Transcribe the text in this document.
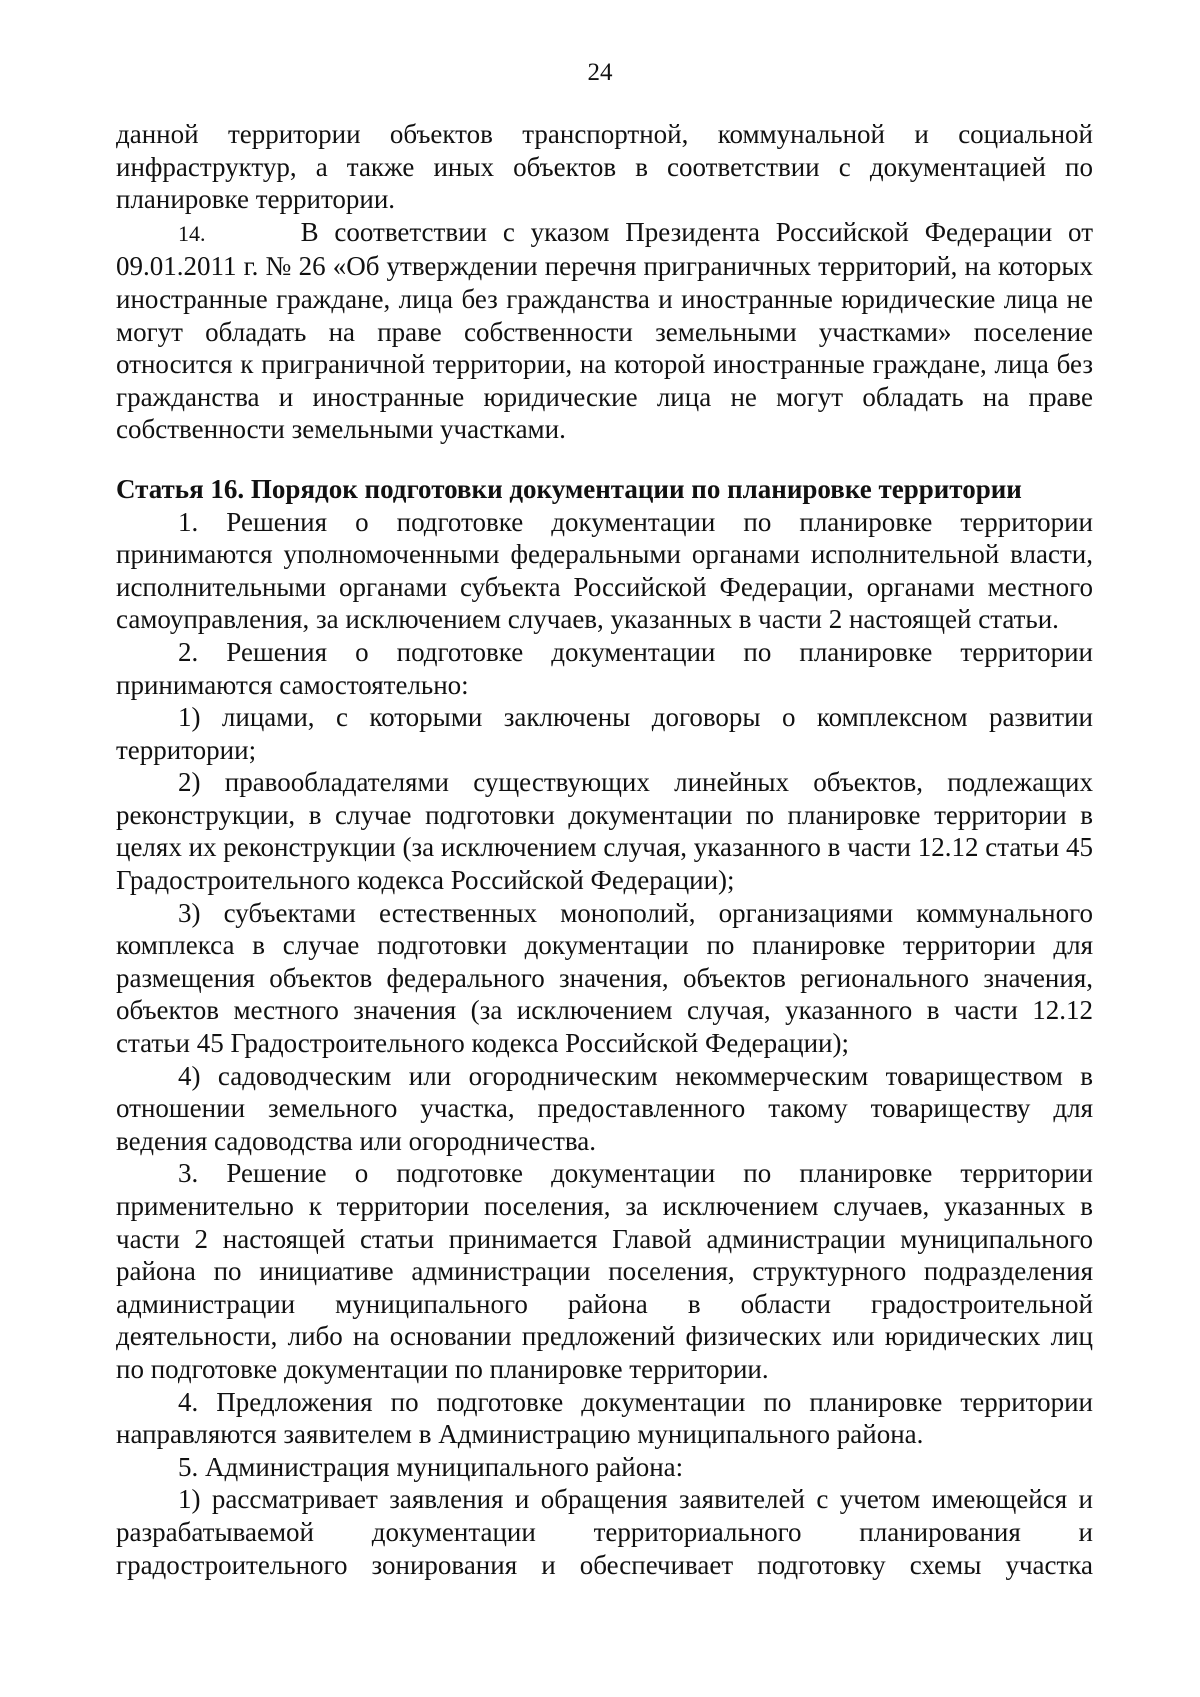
24

данной территории объектов транспортной, коммунальной и социальной инфраструктур, а также иных объектов в соответствии с документацией по планировке территории.

14.	В соответствии с указом Президента Российской Федерации от 09.01.2011 г. № 26 «Об утверждении перечня приграничных территорий, на которых иностранные граждане, лица без гражданства и иностранные юридические лица не могут обладать на праве собственности земельными участками» поселение относится к приграничной территории, на которой иностранные граждане, лица без гражданства и иностранные юридические лица не могут обладать на праве собственности земельными участками.

Статья 16. Порядок подготовки документации по планировке территории

1. Решения о подготовке документации по планировке территории принимаются уполномоченными федеральными органами исполнительной власти, исполнительными органами субъекта Российской Федерации, органами местного самоуправления, за исключением случаев, указанных в части 2 настоящей статьи.

2. Решения о подготовке документации по планировке территории принимаются самостоятельно:

1) лицами, с которыми заключены договоры о комплексном развитии территории;

2) правообладателями существующих линейных объектов, подлежащих реконструкции, в случае подготовки документации по планировке территории в целях их реконструкции (за исключением случая, указанного в части 12.12 статьи 45 Градостроительного кодекса Российской Федерации);

3) субъектами естественных монополий, организациями коммунального комплекса в случае подготовки документации по планировке территории для размещения объектов федерального значения, объектов регионального значения, объектов местного значения (за исключением случая, указанного в части 12.12 статьи 45 Градостроительного кодекса Российской Федерации);

4) садоводческим или огородническим некоммерческим товариществом в отношении земельного участка, предоставленного такому товариществу для ведения садоводства или огородничества.

3. Решение о подготовке документации по планировке территории применительно к территории поселения, за исключением случаев, указанных в части 2 настоящей статьи принимается Главой администрации муниципального района по инициативе администрации поселения, структурного подразделения администрации муниципального района в области градостроительной деятельности, либо на основании предложений физических или юридических лиц по подготовке документации по планировке территории.

4. Предложения по подготовке документации по планировке территории направляются заявителем в Администрацию муниципального района.

5. Администрация муниципального района:

1) рассматривает заявления и обращения заявителей с учетом имеющейся и разрабатываемой документации территориального планирования и градостроительного зонирования и обеспечивает подготовку схемы участка
